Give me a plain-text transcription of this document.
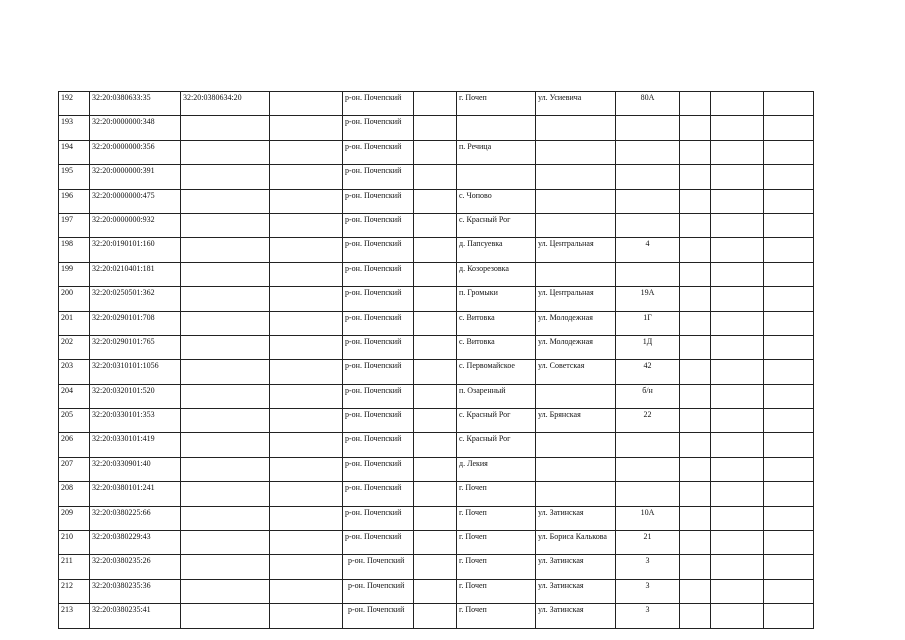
192	32:20:0380633:35	32:20:0380634:20		р-он. Почепский		г. Почеп	ул. Усиевича	80А			
193	32:20:0000000:348			р-он. Почепский							
194	32:20:0000000:356			р-он. Почепский		п. Речица					
195	32:20:0000000:391			р-он. Почепский							
196	32:20:0000000:475			р-он. Почепский		с. Чопово					
197	32:20:0000000:932			р-он. Почепский		с. Красный Рог					
198	32:20:0190101:160			р-он. Почепский		д. Папсуевка	ул. Центральная	4			
199	32:20:0210401:181			р-он. Почепский		д. Козорезовка					
200	32:20:0250501:362			р-он. Почепский		п. Громыки	ул. Центральная	19А			
201	32:20:0290101:708			р-он. Почепский		с. Витовка	ул. Молодежная	1Г			
202	32:20:0290101:765			р-он. Почепский		с. Витовка	ул. Молодежная	1Д			
203	32:20:0310101:1056			р-он. Почепский		с. Первомайское	ул. Советская	42			
204	32:20:0320101:520			р-он. Почепский		п. Озаренный		б/н			
205	32:20:0330101:353			р-он. Почепский		с. Красный Рог	ул. Брянская	22			
206	32:20:0330101:419			р-он. Почепский		с. Красный Рог					
207	32:20:0330901:40			р-он. Почепский		д. Лекия					
208	32:20:0380101:241			р-он. Почепский		г. Почеп					
209	32:20:0380225:66			р-он. Почепский		г. Почеп	ул. Затинская	10А			
210	32:20:0380229:43			р-он. Почепский		г. Почеп	ул. Бориса Калькова	21			
211	32:20:0380235:26			р-он. Почепский		г. Почеп	ул. Затинская	3			
212	32:20:0380235:36			р-он. Почепский		г. Почеп	ул. Затинская	3			
213	32:20:0380235:41			р-он. Почепский		г. Почеп	ул. Затинская	3			
